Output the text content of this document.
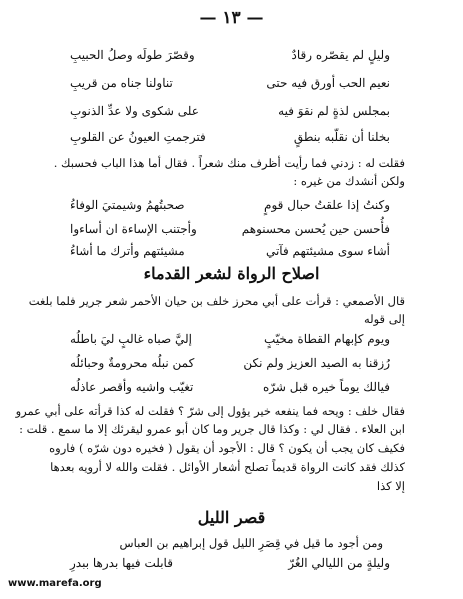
— ١٣ —
وليلٍ لم يقصّره رقادٌ
وقصّرَ طولَه وصلُ الحبيبِ
نعيم الحب أورق فيه حتى
تناولنا جناه من قريبِ
بمجلس لذةٍ لم نقوَ فيه
على شكوى ولا عدِّ الذنوبِ
بخلنا أن نقلّبه بنطقٍ
فترجمتِ العيونُ عن القلوبِ
فقلت له : زدني فما رأيت أظرف منك شعراً . فقال أما هذا الباب فحسبك .
ولكن أنشدك من غيره :
وكنتُ إذا علقتُ حبال قومٍ
صحبتُهمُ وشيمتيَ الوفاءُ
فأُحسن حين يُحسن محسنوهم
وأجتنب الإساءة ان أساءوا
أشاء سوى مشيئتهم فآتي
مشيئتهم وأترك ما أشاءُ
اصلاح الرواة لشعر القدماء
قال الأصمعي : قرأت على أبي محرز خلف بن حيان الأحمر شعر جرير فلما بلغت
إلى قوله
ويوم كإبهام القطاة مخيّبٍ
إليَّ صباه غالبٍ ليَ باطلُه
رُزقنا به الصيد العزيز ولم نكن
كمن نبلُه محرومةٌ وحبائلُه
فيالك يوماً خيره قبل شرّه
تغيّب واشيه وأقصر عاذلُه
فقال خلف : ويحه فما ينفعه خير يؤول إلى شرّ ؟ فقلت له كذا قرأته على أبي عمرو
ابن العلاء . فقال لي : وكذا قال جرير وما كان أبو عمرو ليقرئك إلا ما سمع . قلت :
فكيف كان يجب أن يكون ؟ قال : الأجود أن يقول ( فخيره دون شرّه ) فاروه
كذلك فقد كانت الرواة قديماً تصلح أشعار الأوائل . فقلت والله لا أرويه بعدها
إلا كذا
قصر الليل
ومن أجود ما قيل في قِصَرِ الليل قول إبراهيم بن العباس
وليلةٍ من الليالي الغُرّ
قابلت فيها بدرها ببدرِ
www.marefa.org
